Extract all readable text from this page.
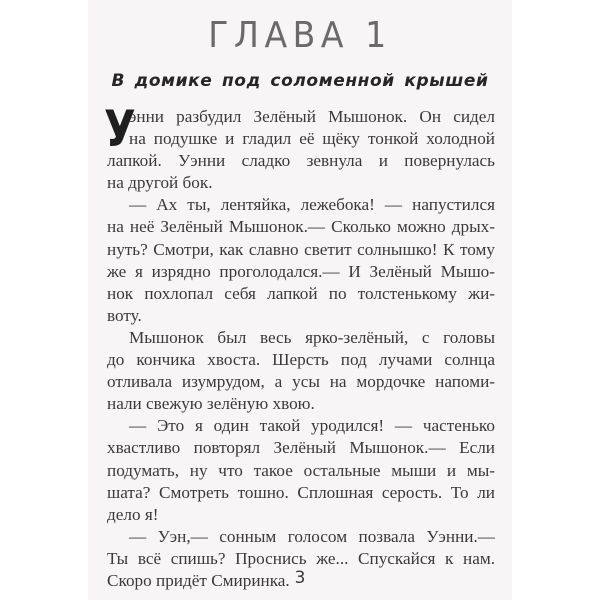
ГЛАВА 1
В домике под соломенной крышей
У
энни разбудил Зелёный Мышонок. Он сидел
на подушке и гладил её щёку тонкой холодной
лапкой. Уэнни сладко зевнула и повернулась
на другой бок.
— Ах ты, лентяйка, лежебока! — напустился
на неё Зелёный Мышонок.— Сколько можно дрых-
нуть? Смотри, как славно светит солнышко! К тому
же я изрядно проголодался.— И Зелёный Мышо-
нок похлопал себя лапкой по толстенькому жи-
воту.
Мышонок был весь ярко-зелёный, с головы
до кончика хвоста. Шерсть под лучами солнца
отливала изумрудом, а усы на мордочке напоми-
нали свежую зелёную хвою.
— Это я один такой уродился! — частенько
хвастливо повторял Зелёный Мышонок.— Если
подумать, ну что такое остальные мыши и мы-
шата? Смотреть тошно. Сплошная серость. То ли
дело я!
— Уэн,— сонным голосом позвала Уэнни.—
Ты всё спишь? Проснись же... Спускайся к нам.
Скоро придёт Смиринка. 3
